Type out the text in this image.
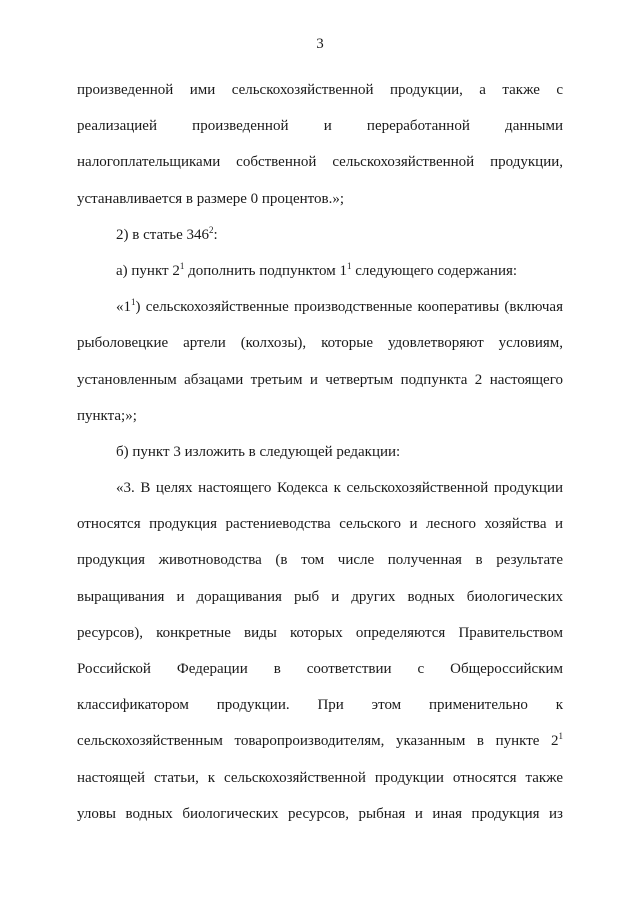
3
произведенной ими сельскохозяйственной продукции, а также с
реализацией произведенной и переработанной данными
налогоплательщиками собственной сельскохозяйственной продукции,
устанавливается в размере 0 процентов.»;
2) в статье $346^2$:
а) пункт $2^1$ дополнить подпунктом $1^1$ следующего содержания:
«$1^1$) сельскохозяйственные производственные кооперативы (включая
рыболовецкие артели (колхозы), которые удовлетворяют условиям,
установленным абзацами третьим и четвертым подпункта 2 настоящего
пункта;»;
б) пункт 3 изложить в следующей редакции:
«3. В целях настоящего Кодекса к сельскохозяйственной продукции
относятся продукция растениеводства сельского и лесного хозяйства и
продукция животноводства (в том числе полученная в результате
выращивания и доращивания рыб и других водных биологических
ресурсов), конкретные виды которых определяются Правительством
Российской Федерации в соответствии с Общероссийским
классификатором продукции. При этом применительно к
сельскохозяйственным товаропроизводителям, указанным в пункте $2^1$
настоящей статьи, к сельскохозяйственной продукции относятся также
уловы водных биологических ресурсов, рыбная и иная продукция из
